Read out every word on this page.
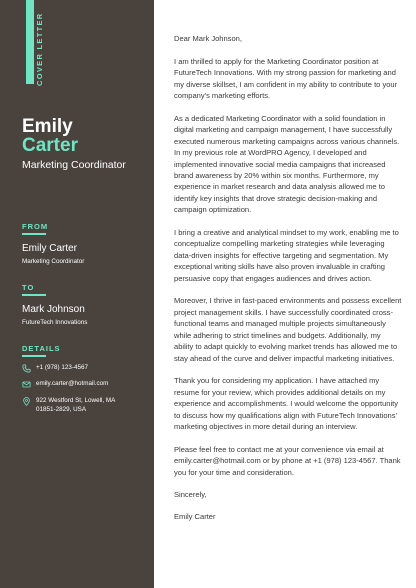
COVER LETTER
Emily
Carter
Marketing Coordinator
FROM
Emily Carter
Marketing Coordinator
TO
Mark Johnson
FutureTech Innovations
DETAILS
+1 (978) 123-4567
emily.carter@hotmail.com
922 Westford St, Lowell, MA 01851-2829, USA

Dear Mark Johnson,

I am thrilled to apply for the Marketing Coordinator position at FutureTech Innovations. With my strong passion for marketing and my diverse skillset, I am confident in my ability to contribute to your company's marketing efforts.

As a dedicated Marketing Coordinator with a solid foundation in digital marketing and campaign management, I have successfully executed numerous marketing campaigns across various channels. In my previous role at WordPRO Agency, I developed and implemented innovative social media campaigns that increased brand awareness by 20% within six months. Furthermore, my experience in market research and data analysis allowed me to identify key insights that drove strategic decision-making and campaign optimization.

I bring a creative and analytical mindset to my work, enabling me to conceptualize compelling marketing strategies while leveraging data-driven insights for effective targeting and segmentation. My exceptional writing skills have also proven invaluable in crafting persuasive copy that engages audiences and drives action.

Moreover, I thrive in fast-paced environments and possess excellent project management skills. I have successfully coordinated cross-functional teams and managed multiple projects simultaneously while adhering to strict timelines and budgets. Additionally, my ability to adapt quickly to evolving market trends has allowed me to stay ahead of the curve and deliver impactful marketing initiatives.

Thank you for considering my application. I have attached my resume for your review, which provides additional details on my experience and accomplishments. I would welcome the opportunity to discuss how my qualifications align with FutureTech Innovations' marketing objectives in more detail during an interview.

Please feel free to contact me at your convenience via email at emily.carter@hotmail.com or by phone at +1 (978) 123-4567. Thank you for your time and consideration.

Sincerely,

Emily Carter
